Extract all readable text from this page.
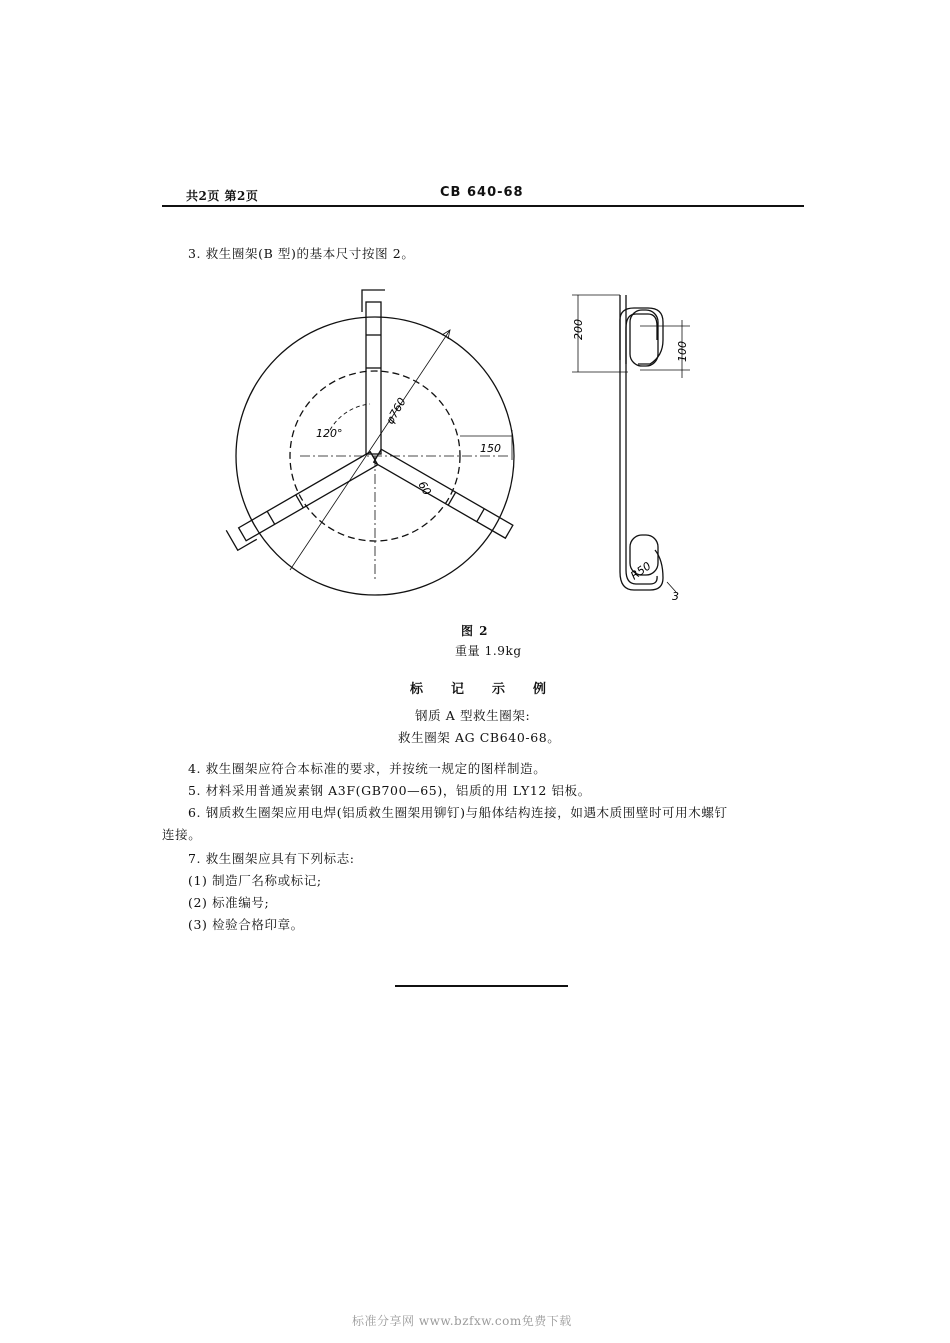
共2页 第2页	CB 640-68
3. 救生圈架(B 型)的基本尺寸按图 2。
120°
φ760
150
60
200
100
R50
3
图 2
重量 1.9kg
标记示例
钢质 A 型救生圈架:
救生圈架 AG CB640-68。
4. 救生圈架应符合本标准的要求，并按统一规定的图样制造。
5. 材料采用普通炭素钢 A3F(GB700—65)，铝质的用 LY12 铝板。
6. 钢质救生圈架应用电焊(铝质救生圈架用铆钉)与船体结构连接，如遇木质围壁时可用木螺钉
连接。
7. 救生圈架应具有下列标志:
(1) 制造厂名称或标记;
(2) 标准编号;
(3) 检验合格印章。
标准分享网 www.bzfxw.com免费下载
